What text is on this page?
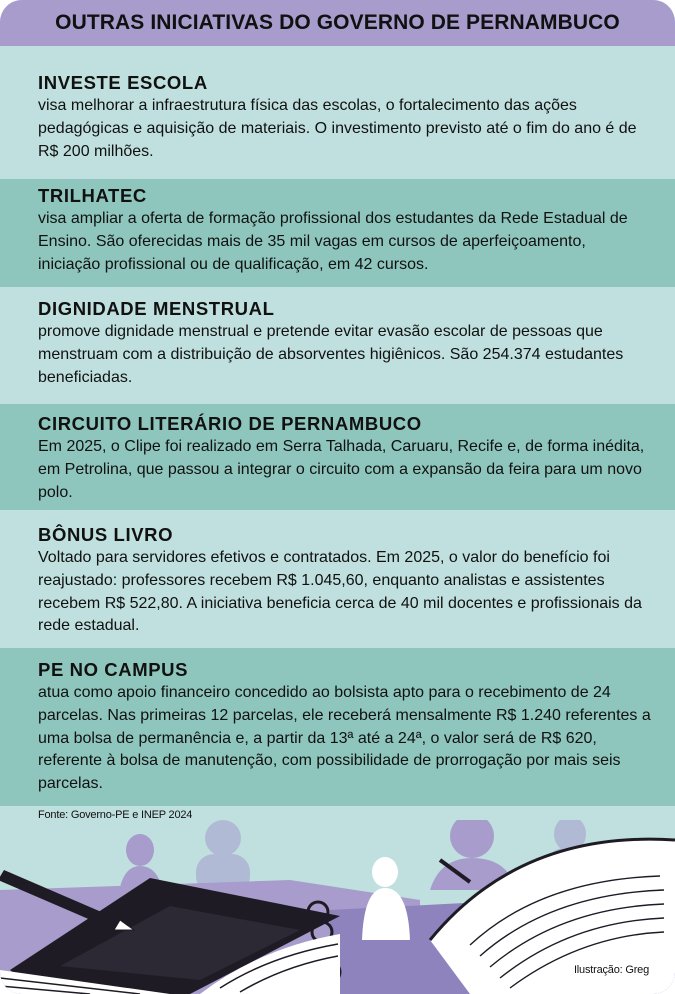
OUTRAS INICIATIVAS DO GOVERNO DE PERNAMBUCO
INVESTE ESCOLA
visa melhorar a infraestrutura física das escolas, o fortalecimento das ações pedagógicas e aquisição de materiais. O investimento previsto até o fim do ano é de R$ 200 milhões.
TRILHATEC
visa ampliar a oferta de formação profissional dos estudantes da Rede Estadual de Ensino. São oferecidas mais de 35 mil vagas em cursos de aperfeiçoamento, iniciação profissional ou de qualificação, em 42 cursos.
DIGNIDADE MENSTRUAL
promove dignidade menstrual e pretende evitar evasão escolar de pessoas que menstruam com a distribuição de absorventes higiênicos. São 254.374 estudantes beneficiadas.
CIRCUITO LITERÁRIO DE PERNAMBUCO
Em 2025, o Clipe foi realizado em Serra Talhada, Caruaru, Recife e, de forma inédita, em Petrolina, que passou a integrar o circuito com a expansão da feira para um novo polo.
BÔNUS LIVRO
Voltado para servidores efetivos e contratados. Em 2025, o valor do benefício foi reajustado: professores recebem R$ 1.045,60, enquanto analistas e assistentes recebem R$ 522,80. A iniciativa beneficia cerca de 40 mil docentes e profissionais da rede estadual.
PE NO CAMPUS
atua como apoio financeiro concedido ao bolsista apto para o recebimento de 24 parcelas. Nas primeiras 12 parcelas, ele receberá mensalmente R$ 1.240 referentes a uma bolsa de permanência e, a partir da 13ª até a 24ª, o valor será de R$ 620, referente à bolsa de manutenção, com possibilidade de prorrogação por mais seis parcelas.
Fonte: Governo-PE e INEP 2024
Ilustração: Greg
